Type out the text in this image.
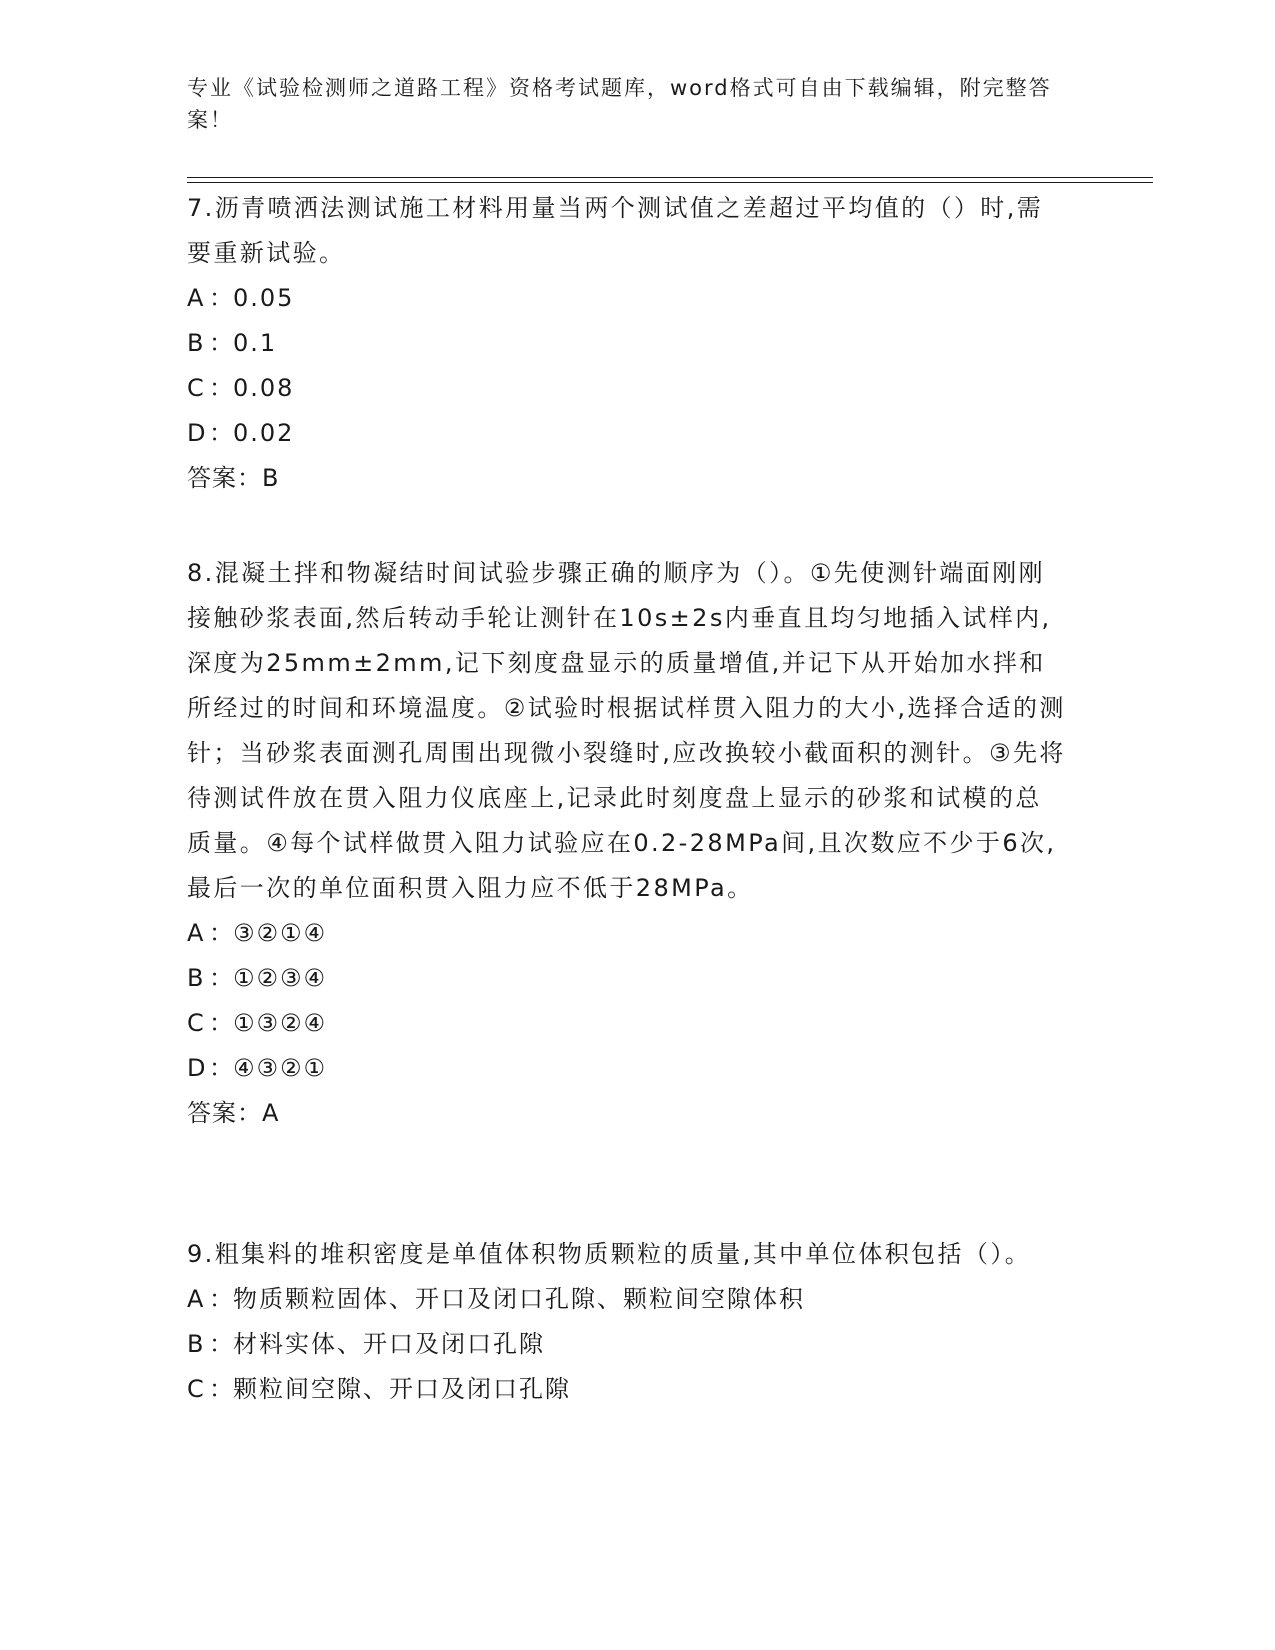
专业《试验检测师之道路工程》资格考试题库，word格式可自由下载编辑，附完整答案！

7.沥青喷洒法测试施工材料用量当两个测试值之差超过平均值的（）时,需要重新试验。

A ：0.05

B ：0.1

C ：0.08

D：0.02

答案：B

8.混凝土拌和物凝结时间试验步骤正确的顺序为（）。①先使测针端面刚刚接触砂浆表面,然后转动手轮让测针在10s±2s内垂直且均匀地插入试样内,深度为25mm±2mm,记下刻度盘显示的质量增值,并记下从开始加水拌和所经过的时间和环境温度。②试验时根据试样贯入阻力的大小,选择合适的测针；当砂浆表面测孔周围出现微小裂缝时,应改换较小截面积的测针。③先将待测试件放在贯入阻力仪底座上,记录此时刻度盘上显示的砂浆和试模的总质量。④每个试样做贯入阻力试验应在0.2-28MPa间,且次数应不少于6次,最后一次的单位面积贯入阻力应不低于28MPa。

A ：③②①④

B ：①②③④

C ：①③②④

D：④③②①

答案：A

9.粗集料的堆积密度是单值体积物质颗粒的质量,其中单位体积包括（）。

A ：物质颗粒固体、开口及闭口孔隙、颗粒间空隙体积

B ：材料实体、开口及闭口孔隙

C ：颗粒间空隙、开口及闭口孔隙
